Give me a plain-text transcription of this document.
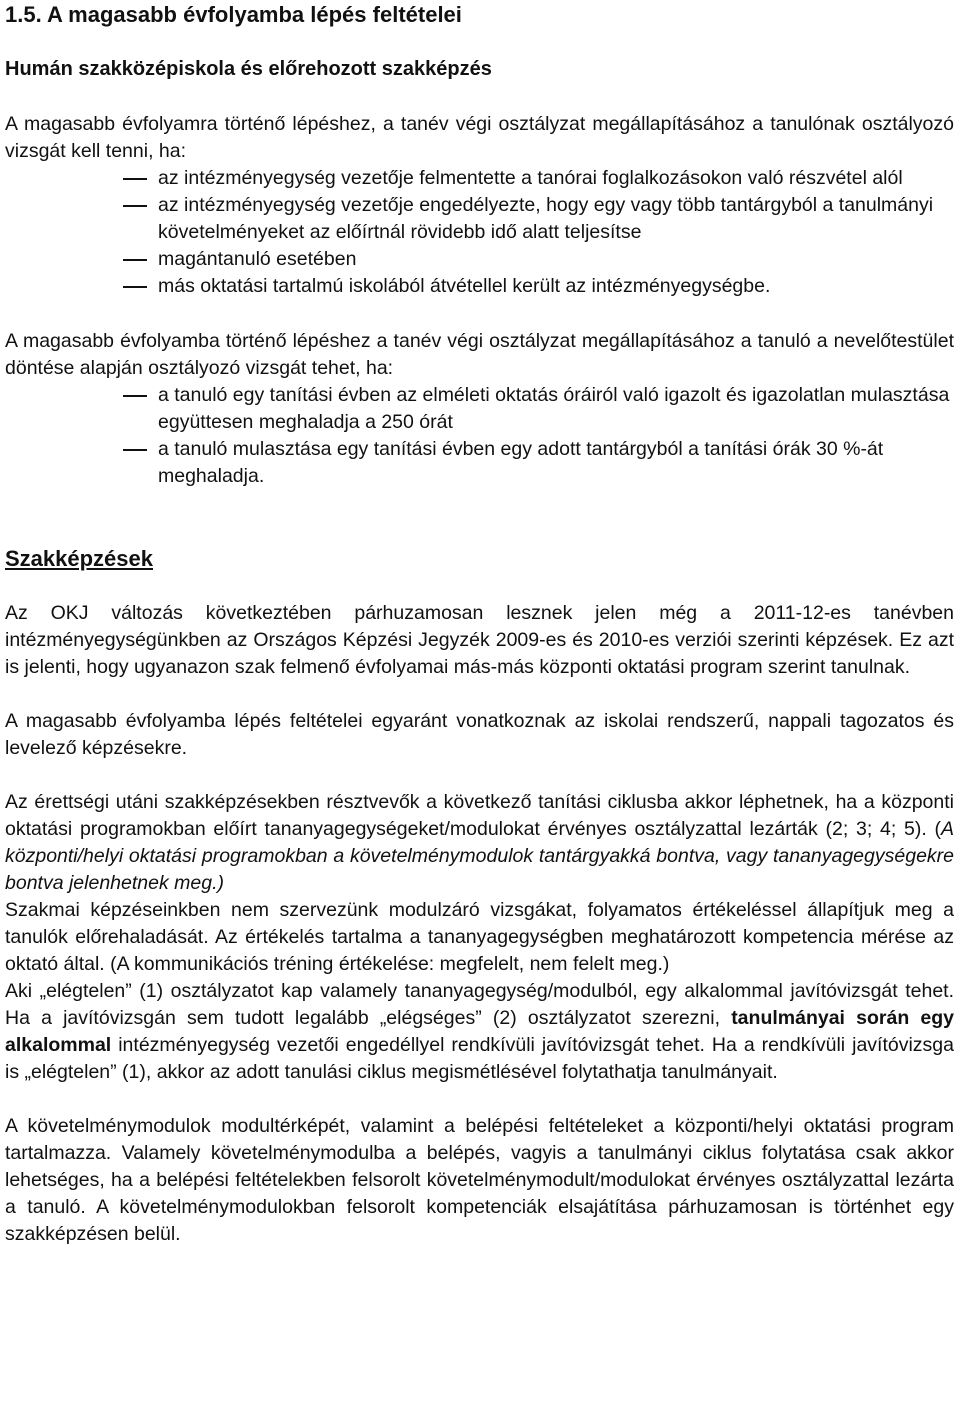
1.5. A magasabb évfolyamba lépés feltételei
Humán szakközépiskola és előrehozott szakképzés

A magasabb évfolyamra történő lépéshez, a tanév végi osztályzat megállapításához a tanulónak osztályozó vizsgát kell tenni, ha:

az intézményegység vezetője felmentette a tanórai foglalkozásokon való részvétel alól
az intézményegység vezetője engedélyezte, hogy egy vagy több tantárgyból a tanulmányi követelményeket az előírtnál rövidebb idő alatt teljesítse
magántanuló esetében
más oktatási tartalmú iskolából átvétellel került az intézményegységbe.

A magasabb évfolyamba történő lépéshez a tanév végi osztályzat megállapításához a tanuló a nevelőtestület döntése alapján osztályozó vizsgát tehet, ha:

a tanuló egy tanítási évben az elméleti oktatás óráiról való igazolt és igazolatlan mulasztása együttesen meghaladja a 250 órát
a tanuló mulasztása egy tanítási évben egy adott tantárgyból a tanítási órák 30 %-át meghaladja.
Szakképzések

Az OKJ változás következtében párhuzamosan lesznek jelen még a 2011-12-es tanévben intézményegységünkben az Országos Képzési Jegyzék 2009-es és 2010-es verziói szerinti képzések. Ez azt is jelenti, hogy ugyanazon szak felmenő évfolyamai más-más központi oktatási program szerint tanulnak.

A magasabb évfolyamba lépés feltételei egyaránt vonatkoznak az iskolai rendszerű, nappali tagozatos és levelező képzésekre.

Az érettségi utáni szakképzésekben résztvevők a következő tanítási ciklusba akkor léphetnek, ha a központi oktatási programokban előírt tananyagegységeket/modulokat érvényes osztályzattal lezárták (2; 3; 4; 5). (A központi/helyi oktatási programokban a követelménymodulok tantárgyakká bontva, vagy tananyagegységekre bontva jelenhetnek meg.)

Szakmai képzéseinkben nem szervezünk modulzáró vizsgákat, folyamatos értékeléssel állapítjuk meg a tanulók előrehaladását. Az értékelés tartalma a tananyagegységben meghatározott kompetencia mérése az oktató által. (A kommunikációs tréning értékelése: megfelelt, nem felelt meg.)

Aki „elégtelen” (1) osztályzatot kap valamely tananyagegység/modulból, egy alkalommal javítóvizsgát tehet. Ha a javítóvizsgán sem tudott legalább „elégséges” (2) osztályzatot szerezni, tanulmányai során egy alkalommal intézményegység vezetői engedéllyel rendkívüli javítóvizsgát tehet. Ha a rendkívüli javítóvizsga is „elégtelen” (1), akkor az adott tanulási ciklus megismétlésével folytathatja tanulmányait.

A követelménymodulok modultérképét, valamint a belépési feltételeket a központi/helyi oktatási program tartalmazza. Valamely követelménymodulba a belépés, vagyis a tanulmányi ciklus folytatása csak akkor lehetséges, ha a belépési feltételekben felsorolt követelménymodult/modulokat érvényes osztályzattal lezárta a tanuló. A követelménymodulokban felsorolt kompetenciák elsajátítása párhuzamosan is történhet egy szakképzésen belül.
